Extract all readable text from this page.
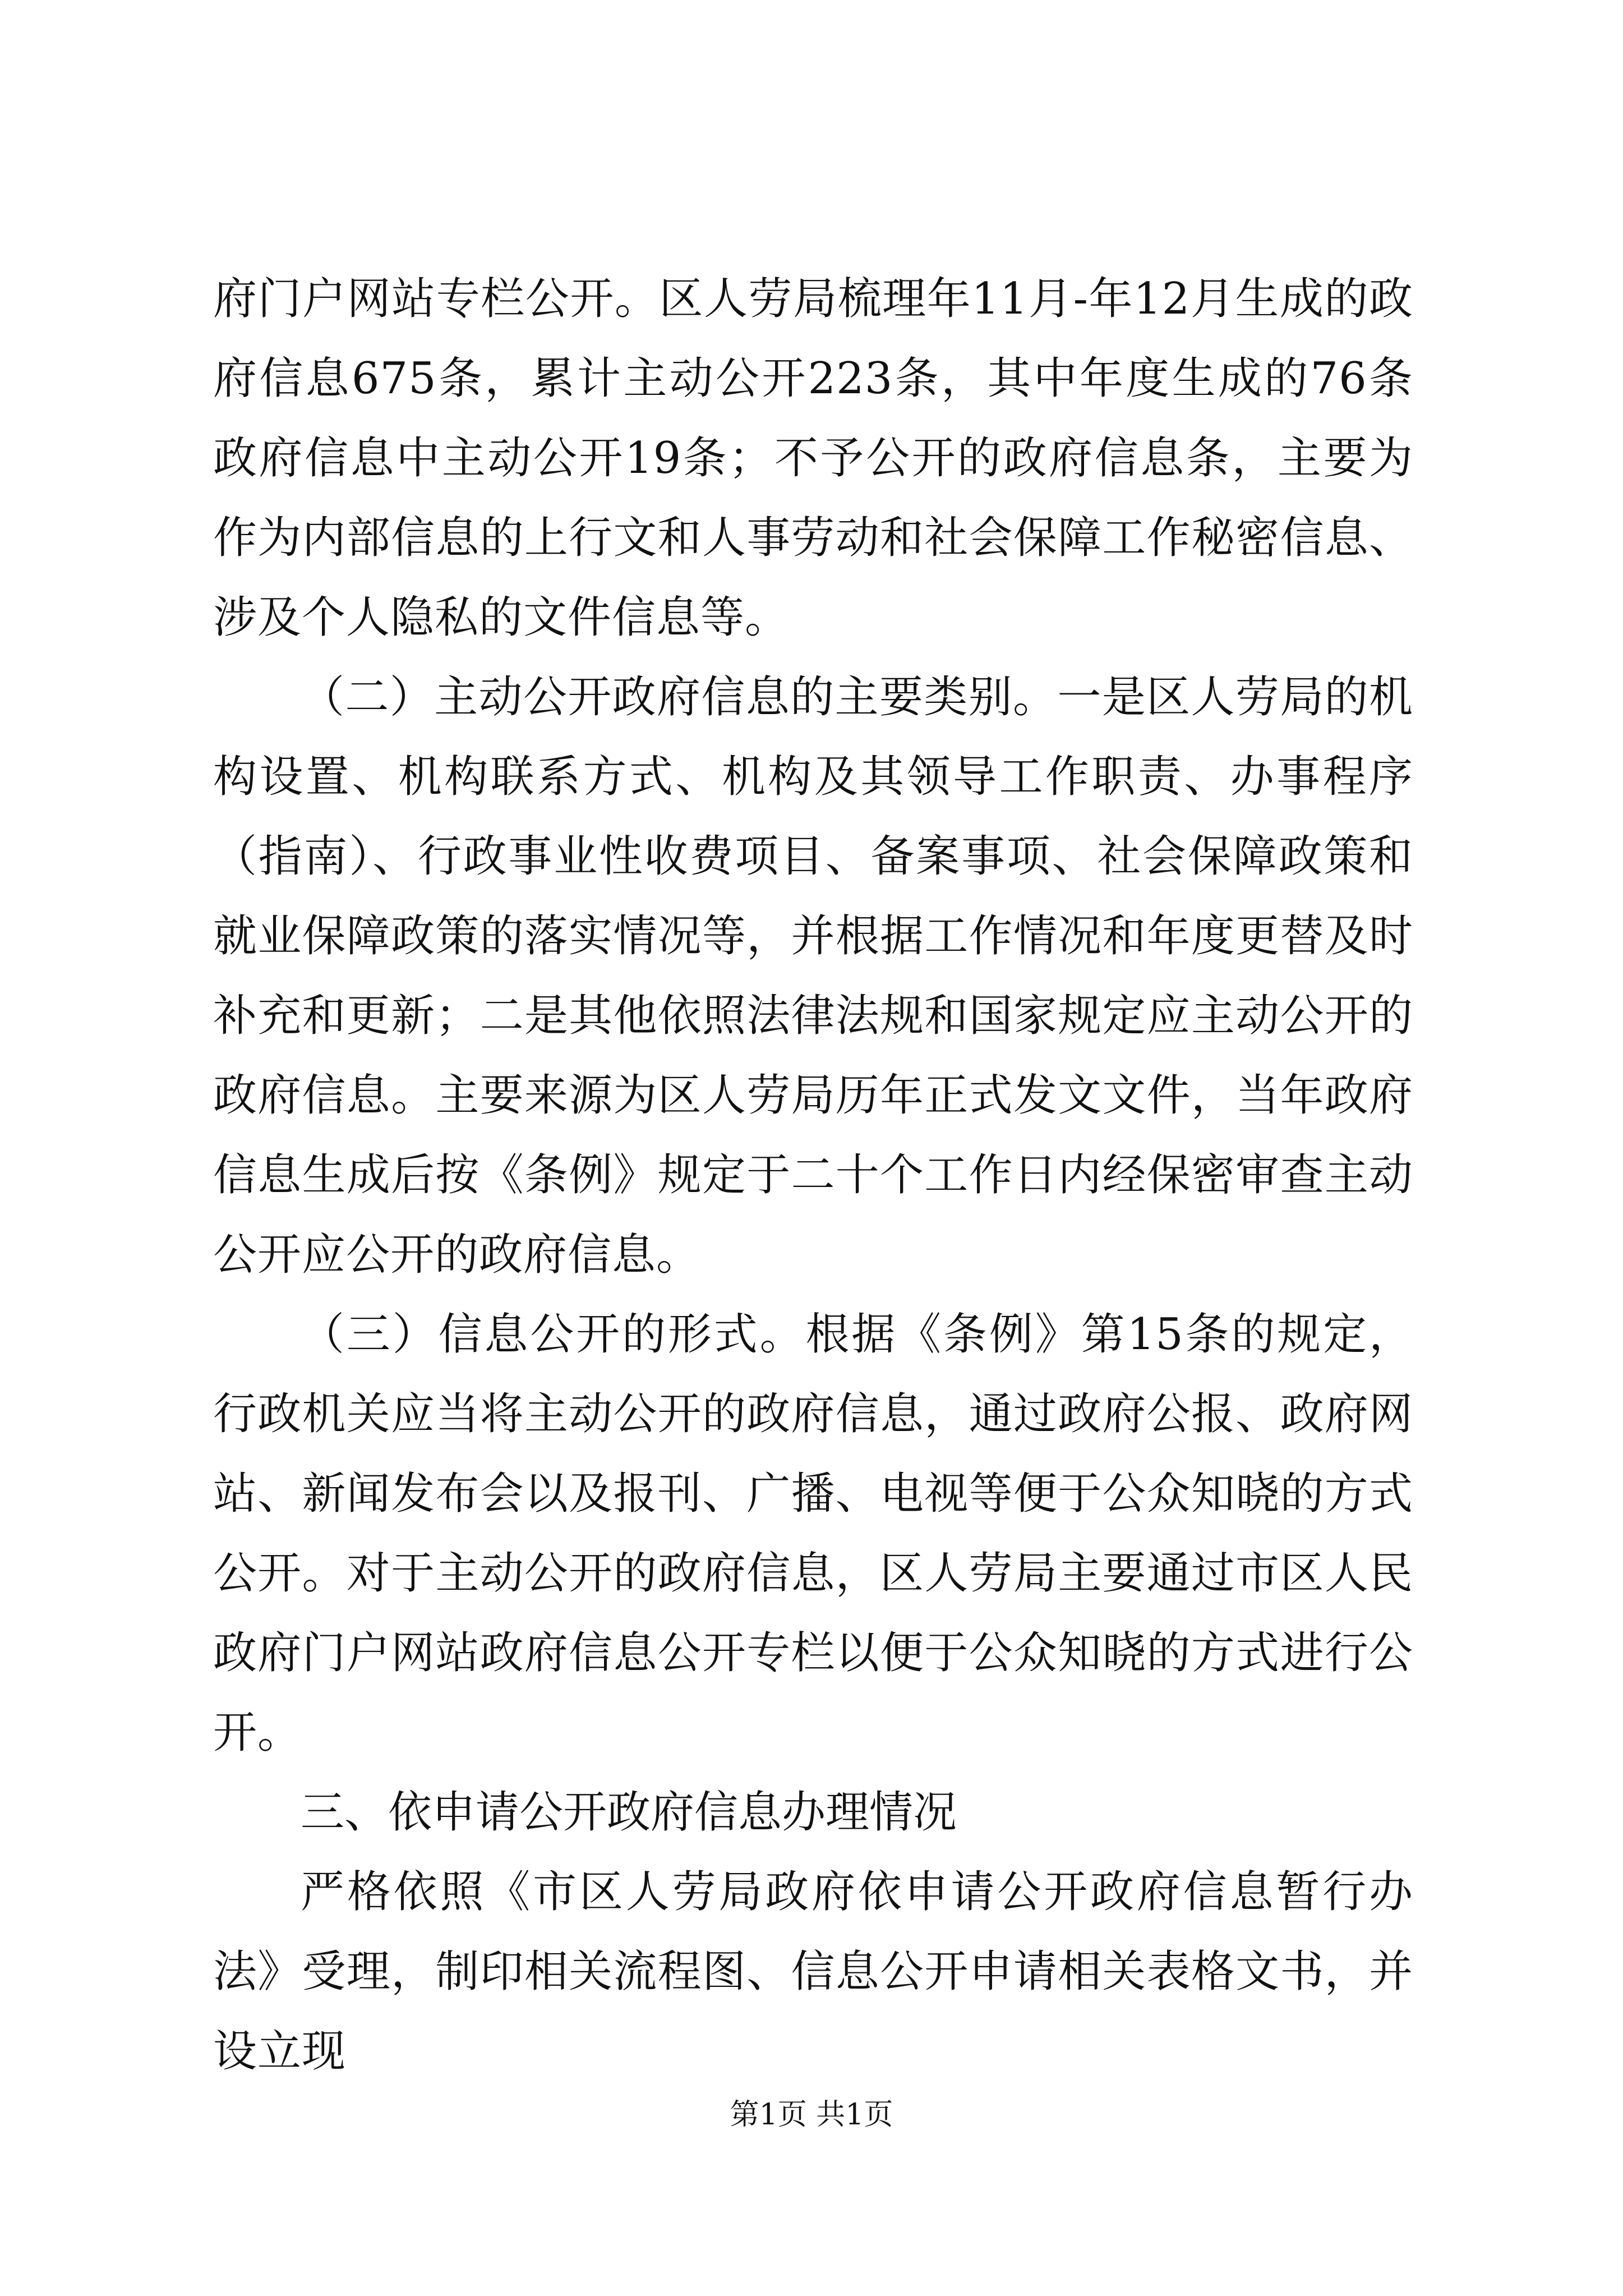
府门户网站专栏公开。区人劳局梳理年11月-年12月生成的政府信息675条，累计主动公开223条，其中年度生成的76条政府信息中主动公开19条；不予公开的政府信息条，主要为作为内部信息的上行文和人事劳动和社会保障工作秘密信息、涉及个人隐私的文件信息等。

（二）主动公开政府信息的主要类别。一是区人劳局的机构设置、机构联系方式、机构及其领导工作职责、办事程序（指南）、行政事业性收费项目、备案事项、社会保障政策和就业保障政策的落实情况等，并根据工作情况和年度更替及时补充和更新；二是其他依照法律法规和国家规定应主动公开的政府信息。主要来源为区人劳局历年正式发文文件，当年政府信息生成后按《条例》规定于二十个工作日内经保密审查主动公开应公开的政府信息。

（三）信息公开的形式。根据《条例》第15条的规定，行政机关应当将主动公开的政府信息，通过政府公报、政府网站、新闻发布会以及报刊、广播、电视等便于公众知晓的方式公开。对于主动公开的政府信息，区人劳局主要通过市区人民政府门户网站政府信息公开专栏以便于公众知晓的方式进行公开。

三、依申请公开政府信息办理情况

严格依照《市区人劳局政府依申请公开政府信息暂行办法》受理，制印相关流程图、信息公开申请相关表格文书，并设立现

第1页 共1页
